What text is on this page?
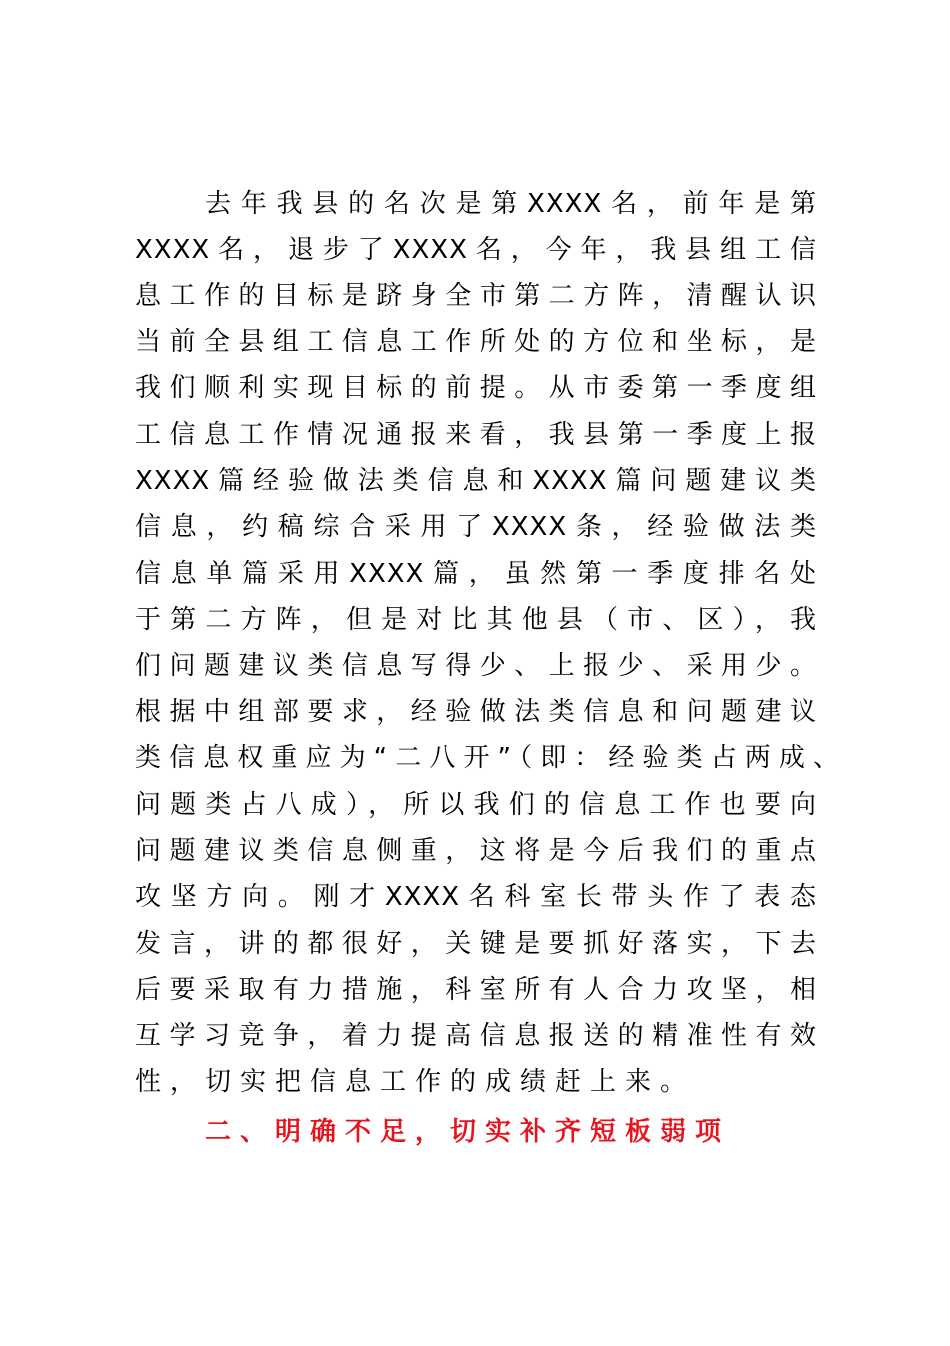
去年我县的名次是第XXXX名，前年是第

XXXX名，退步了XXXX名，今年，我县组工信

息工作的目标是跻身全市第二方阵，清醒认识

当前全县组工信息工作所处的方位和坐标，是

我们顺利实现目标的前提。从市委第一季度组

工信息工作情况通报来看，我县第一季度上报

XXXX篇经验做法类信息和XXXX篇问题建议类

信息，约稿综合采用了XXXX条，经验做法类

信息单篇采用XXXX篇，虽然第一季度排名处

于第二方阵，但是对比其他县（市、区），我

们问题建议类信息写得少、上报少、采用少。

根据中组部要求，经验做法类信息和问题建议

类信息权重应为“二八开”（即：经验类占两成、

问题类占八成），所以我们的信息工作也要向

问题建议类信息侧重，这将是今后我们的重点

攻坚方向。刚才XXXX名科室长带头作了表态

发言，讲的都很好，关键是要抓好落实，下去

后要采取有力措施，科室所有人合力攻坚，相

互学习竞争，着力提高信息报送的精准性有效

性，切实把信息工作的成绩赶上来。

二、明确不足，切实补齐短板弱项
